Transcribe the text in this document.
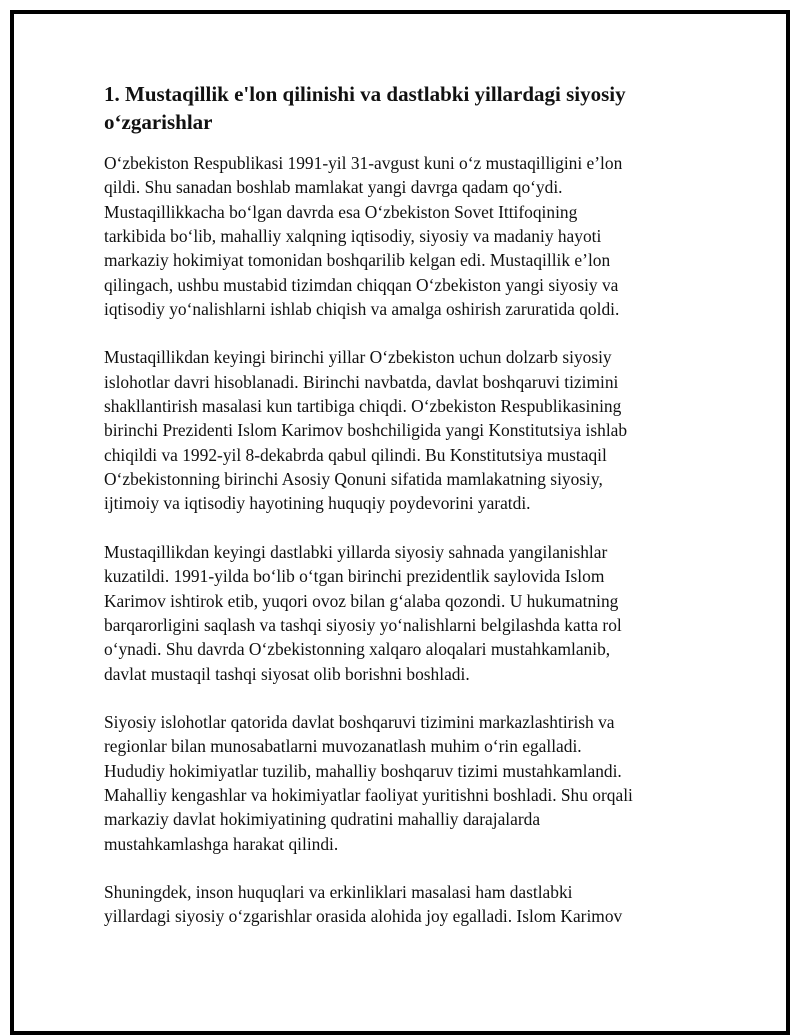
1. Mustaqillik e'lon qilinishi va dastlabki yillardagi siyosiy
o‘zgarishlar
O‘zbekiston Respublikasi 1991-yil 31-avgust kuni o‘z mustaqilligini e’lon
qildi. Shu sanadan boshlab mamlakat yangi davrga qadam qo‘ydi.
Mustaqillikkacha bo‘lgan davrda esa O‘zbekiston Sovet Ittifoqining
tarkibida bo‘lib, mahalliy xalqning iqtisodiy, siyosiy va madaniy hayoti
markaziy hokimiyat tomonidan boshqarilib kelgan edi. Mustaqillik e’lon
qilingach, ushbu mustabid tizimdan chiqqan O‘zbekiston yangi siyosiy va
iqtisodiy yo‘nalishlarni ishlab chiqish va amalga oshirish zaruratida qoldi.
Mustaqillikdan keyingi birinchi yillar O‘zbekiston uchun dolzarb siyosiy
islohotlar davri hisoblanadi. Birinchi navbatda, davlat boshqaruvi tizimini
shakllantirish masalasi kun tartibiga chiqdi. O‘zbekiston Respublikasining
birinchi Prezidenti Islom Karimov boshchiligida yangi Konstitutsiya ishlab
chiqildi va 1992-yil 8-dekabrda qabul qilindi. Bu Konstitutsiya mustaqil
O‘zbekistonning birinchi Asosiy Qonuni sifatida mamlakatning siyosiy,
ijtimoiy va iqtisodiy hayotining huquqiy poydevorini yaratdi.
Mustaqillikdan keyingi dastlabki yillarda siyosiy sahnada yangilanishlar
kuzatildi. 1991-yilda bo‘lib o‘tgan birinchi prezidentlik saylovida Islom
Karimov ishtirok etib, yuqori ovoz bilan g‘alaba qozondi. U hukumatning
barqarorligini saqlash va tashqi siyosiy yo‘nalishlarni belgilashda katta rol
o‘ynadi. Shu davrda O‘zbekistonning xalqaro aloqalari mustahkamlanib,
davlat mustaqil tashqi siyosat olib borishni boshladi.
Siyosiy islohotlar qatorida davlat boshqaruvi tizimini markazlashtirish va
regionlar bilan munosabatlarni muvozanatlash muhim o‘rin egalladi.
Hududiy hokimiyatlar tuzilib, mahalliy boshqaruv tizimi mustahkamlandi.
Mahalliy kengashlar va hokimiyatlar faoliyat yuritishni boshladi. Shu orqali
markaziy davlat hokimiyatining qudratini mahalliy darajalarda
mustahkamlashga harakat qilindi.
Shuningdek, inson huquqlari va erkinliklari masalasi ham dastlabki
yillardagi siyosiy o‘zgarishlar orasida alohida joy egalladi. Islom Karimov
